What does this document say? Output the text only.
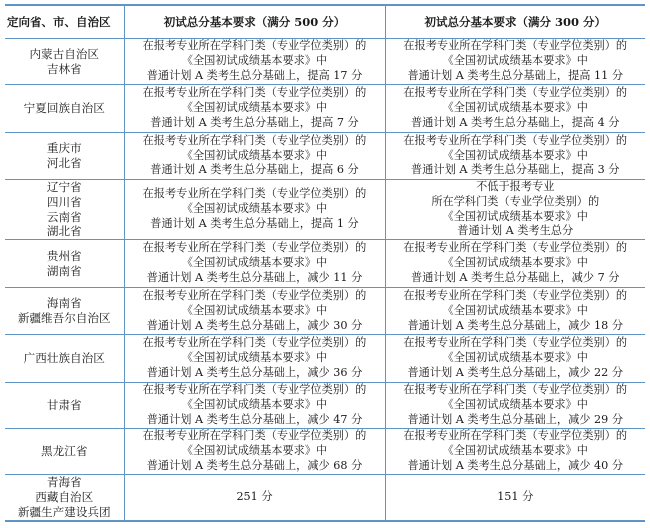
定向省、市、自治区	初试总分基本要求（满分 500 分）	初试总分基本要求（满分 300 分）

内蒙古自治区
吉林省	在报考专业所在学科门类（专业学位类别）的
《全国初试成绩基本要求》中
普通计划 A 类考生总分基础上，提高 17 分	在报考专业所在学科门类（专业学位类别）的
《全国初试成绩基本要求》中
普通计划 A 类考生总分基础上，提高 11 分

宁夏回族自治区	在报考专业所在学科门类（专业学位类别）的
《全国初试成绩基本要求》中
普通计划 A 类考生总分基础上，提高 7 分	在报考专业所在学科门类（专业学位类别）的
《全国初试成绩基本要求》中
普通计划 A 类考生总分基础上，提高 4 分

重庆市
河北省	在报考专业所在学科门类（专业学位类别）的
《全国初试成绩基本要求》中
普通计划 A 类考生总分基础上，提高 6 分	在报考专业所在学科门类（专业学位类别）的
《全国初试成绩基本要求》中
普通计划 A 类考生总分基础上，提高 3 分

辽宁省
四川省
云南省
湖北省	在报考专业所在学科门类（专业学位类别）的
《全国初试成绩基本要求》中
普通计划 A 类考生总分基础上，提高 1 分	不低于报考专业
所在学科门类（专业学位类别）的
《全国初试成绩基本要求》中
普通计划 A 类考生总分

贵州省
湖南省	在报考专业所在学科门类（专业学位类别）的
《全国初试成绩基本要求》中
普通计划 A 类考生总分基础上，减少 11 分	在报考专业所在学科门类（专业学位类别）的
《全国初试成绩基本要求》中
普通计划 A 类考生总分基础上，减少 7 分

海南省
新疆维吾尔自治区	在报考专业所在学科门类（专业学位类别）的
《全国初试成绩基本要求》中
普通计划 A 类考生总分基础上，减少 30 分	在报考专业所在学科门类（专业学位类别）的
《全国初试成绩基本要求》中
普通计划 A 类考生总分基础上，减少 18 分

广西壮族自治区	在报考专业所在学科门类（专业学位类别）的
《全国初试成绩基本要求》中
普通计划 A 类考生总分基础上，减少 36 分	在报考专业所在学科门类（专业学位类别）的
《全国初试成绩基本要求》中
普通计划 A 类考生总分基础上，减少 22 分

甘肃省	在报考专业所在学科门类（专业学位类别）的
《全国初试成绩基本要求》中
普通计划 A 类考生总分基础上，减少 47 分	在报考专业所在学科门类（专业学位类别）的
《全国初试成绩基本要求》中
普通计划 A 类考生总分基础上，减少 29 分

黑龙江省	在报考专业所在学科门类（专业学位类别）的
《全国初试成绩基本要求》中
普通计划 A 类考生总分基础上，减少 68 分	在报考专业所在学科门类（专业学位类别）的
《全国初试成绩基本要求》中
普通计划 A 类考生总分基础上，减少 40 分

青海省
西藏自治区
新疆生产建设兵团	251 分	151 分
